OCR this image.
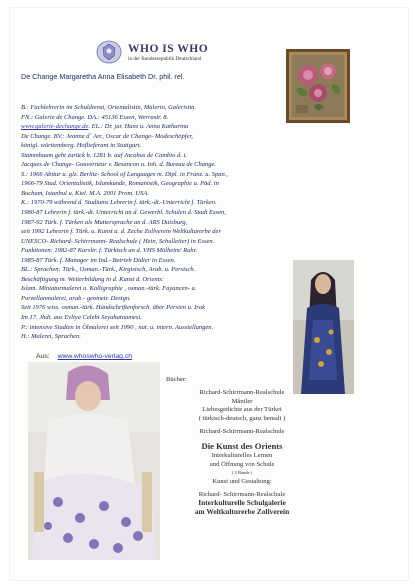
WHO IS WHO
in der Bundesrepublik Deutschland
De Change Margaretha Anna Elisabeth Dr. phil. rel.
B.: Fachlehrerin im Schuldienst, Orientalistin, Malerin, Galeristin.
FN.: Galerie de Change. DA.: 45136 Essen, Werrastr. 8.
www.galerie-dechange.de. EL.: Dr. jur. Hans u. Anna Katharina
De Change. BV.: Jeanne d´ Arc, Oscar de Change- Modeschöpfer,
königl. württemberg. Hoflieferant in Stuttgart.
Stammbaum geht zurück b. 1281 b. auf Jacobus de Cambio d. i.
Jacques de Change- Gouverneur v. Besancon u. Inh. d. Bureau de Change.
S.: 1966 Abitur u. glz. Berlitz- School of Languages m. Dipl. in Franz. u. Span.,
1966-79 Stud. Orientalistik, Islamkunde, Romanistik, Geographie u. Päd. in
Bochum, Istanbul u. Kiel. M.A. 2001 Prom. USA.
K.: 1970-79 während d. Studiums Lehrerin f. türk.-dt.-Unterricht f. Türken.
1980-87 Lehrerin f. türk.-dt. Unterricht an d. Gewerbl. Schulen d. Stadt Essen,
1987-92 Türk. f. Türken als Muttersprache an d. ARS Duisburg,
seit 1992 Lehrerin f. Türk. u. Kunst a. d. Zeche Zollverein Weltkulturerbe der
UNESCO- Richard- Schirrmann- Realschule ( Hein, Schulleiter) in Essen.
Funktionen: 1982-87 Kursltr. f. Türkisch an d. VHS Mülheim/ Ruhr.
1985-87 Türk. f. Manager im Ind.- Betrieb Didier in Essen.
BL.: Sprachen: Türk., Osman.-Türk., Kirgisisch, Arab. u. Persisch.
Beschäftigung m. Weiterbildung in d. Kunst d. Orients:
Islam. Miniaturmalerei u. Kalligraphie , osman.-türk. Fayancen- u.
Porzellanmalerei, arab.- geometr. Design.
Seit 1976 wiss. osman.-türk. Handschriftenforsch. über Persien u. Irak
Im 17. Jhdt. aus Evliya Celebi Seyahatnamesi.
P.: intensive Studien in Ölmalerei seit 1990 , nat. u. intern. Ausstellungen.
H.: Malerei, Sprachen.
Aus: www.whoswho-verlag.ch
Bücher:
Richard-Schirrmann-Realschule
Mâniler
Liebesgedichte aus der Türkei
( türkisch-deutsch, ganz bemalt )
Richard-Schirrmann-Realschule
Die Kunst des Orients
Interkulturelles Lernen
und Öffnung von Schule
( 3 Bände )
Kunst und Gestaltung:
Richard- Schirrmann-Realschule
Interkulturelle Schulgalerie
am Weltkulturerbe Zollverein
